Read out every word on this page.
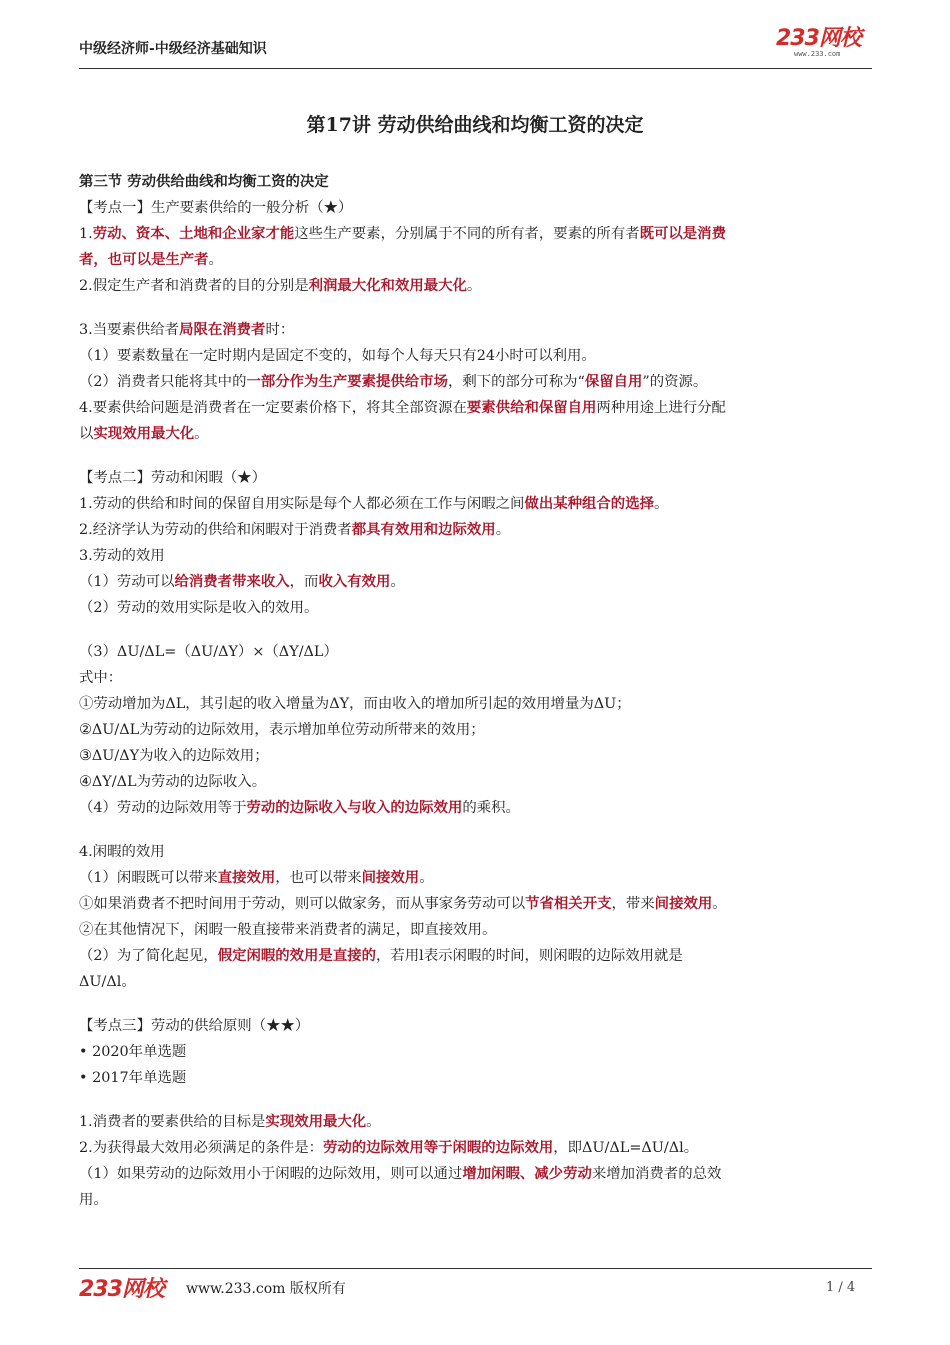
中级经济师-中级经济基础知识	233网校
www.233.com
第17讲 劳动供给曲线和均衡工资的决定
第三节 劳动供给曲线和均衡工资的决定
【考点一】生产要素供给的一般分析（★）
1.劳动、资本、土地和企业家才能这些生产要素，分别属于不同的所有者，要素的所有者既可以是消费
者，也可以是生产者。
2.假定生产者和消费者的目的分别是利润最大化和效用最大化。
3.当要素供给者局限在消费者时：
（1）要素数量在一定时期内是固定不变的，如每个人每天只有24小时可以利用。
（2）消费者只能将其中的一部分作为生产要素提供给市场，剩下的部分可称为“保留自用”的资源。
4.要素供给问题是消费者在一定要素价格下，将其全部资源在要素供给和保留自用两种用途上进行分配
以实现效用最大化。
【考点二】劳动和闲暇（★）
1.劳动的供给和时间的保留自用实际是每个人都必须在工作与闲暇之间做出某种组合的选择。
2.经济学认为劳动的供给和闲暇对于消费者都具有效用和边际效用。
3.劳动的效用
（1）劳动可以给消费者带来收入，而收入有效用。
（2）劳动的效用实际是收入的效用。
（3）ΔU/ΔL=（ΔU/ΔY）×（ΔY/ΔL）
式中：
①劳动增加为ΔL，其引起的收入增量为ΔY，而由收入的增加所引起的效用增量为ΔU；
②ΔU/ΔL为劳动的边际效用，表示增加单位劳动所带来的效用；
③ΔU/ΔY为收入的边际效用；
④ΔY/ΔL为劳动的边际收入。
（4）劳动的边际效用等于劳动的边际收入与收入的边际效用的乘积。
4.闲暇的效用
（1）闲暇既可以带来直接效用，也可以带来间接效用。
①如果消费者不把时间用于劳动，则可以做家务，而从事家务劳动可以节省相关开支，带来间接效用。
②在其他情况下，闲暇一般直接带来消费者的满足，即直接效用。
（2）为了简化起见，假定闲暇的效用是直接的，若用l表示闲暇的时间，则闲暇的边际效用就是
ΔU/Δl。
【考点三】劳动的供给原则（★★）
• 2020年单选题
• 2017年单选题
1.消费者的要素供给的目标是实现效用最大化。
2.为获得最大效用必须满足的条件是：劳动的边际效用等于闲暇的边际效用，即ΔU/ΔL=ΔU/Δl。
（1）如果劳动的边际效用小于闲暇的边际效用，则可以通过增加闲暇、减少劳动来增加消费者的总效
用。
233网校 www.233.com 版权所有	1 / 4
